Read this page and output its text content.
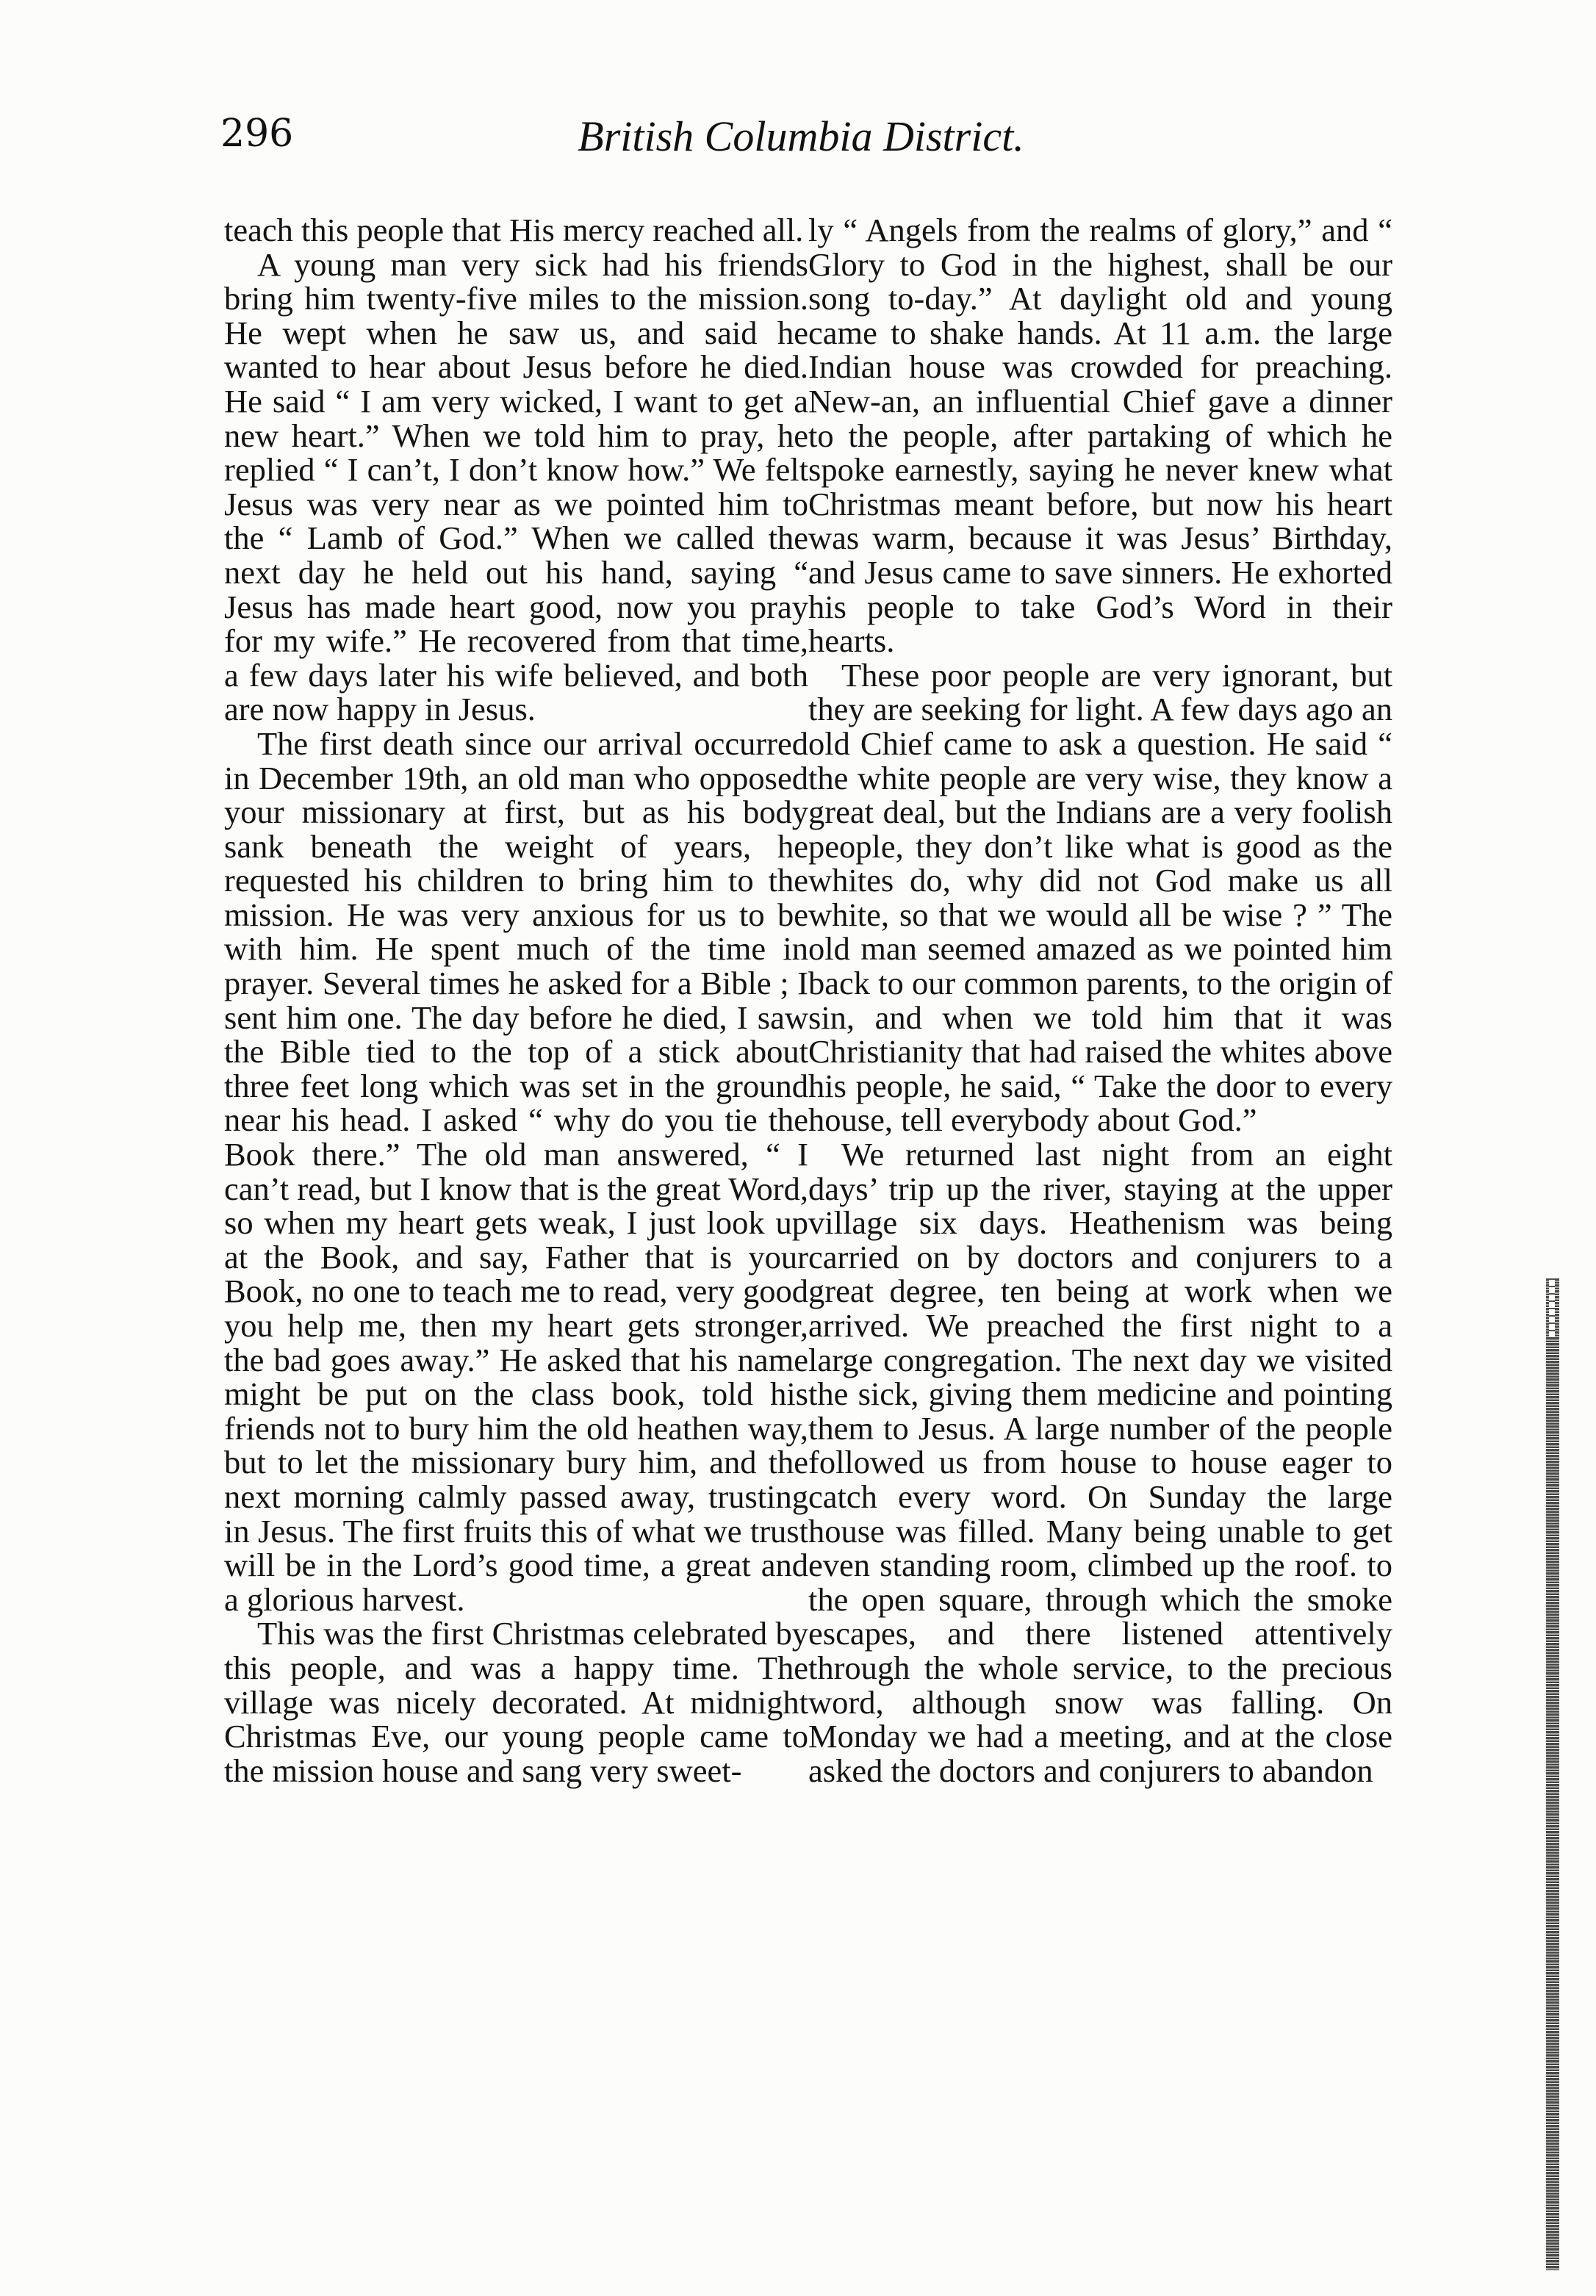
296	British Columbia District.

teach this people that His mercy reached all.

A young man very sick had his friends bring him twenty-five miles to the mission. He wept when he saw us, and said he wanted to hear about Jesus before he died. He said “ I am very wicked, I want to get a new heart.” When we told him to pray, he replied “ I can’t, I don’t know how.” We felt Jesus was very near as we pointed him to the “ Lamb of God.” When we called the next day he held out his hand, saying “ Jesus has made heart good, now you pray for my wife.” He recovered from that time, a few days later his wife believed, and both are now happy in Jesus.

The first death since our arrival occurred in December 19th, an old man who opposed your missionary at first, but as his body sank beneath the weight of years, he requested his children to bring him to the mission. He was very anxious for us to be with him. He spent much of the time in prayer. Several times he asked for a Bible ; I sent him one. The day before he died, I saw the Bible tied to the top of a stick about three feet long which was set in the ground near his head. I asked “ why do you tie the Book there.” The old man answered, “ I can’t read, but I know that is the great Word, so when my heart gets weak, I just look up at the Book, and say, Father that is your Book, no one to teach me to read, very good you help me, then my heart gets stronger, the bad goes away.” He asked that his name might be put on the class book, told his friends not to bury him the old heathen way, but to let the missionary bury him, and the next morning calmly passed away, trusting in Jesus. The first fruits this of what we trust will be in the Lord’s good time, a great and a glorious harvest.

This was the first Christmas celebrated by this people, and was a happy time. The village was nicely decorated. At midnight Christmas Eve, our young people came to the mission house and sang very sweet-

ly “ Angels from the realms of glory,” and “ Glory to God in the highest, shall be our song to-day.” At daylight old and young came to shake hands. At 11 a.m. the large Indian house was crowded for preaching. New-an, an influential Chief gave a dinner to the people, after partaking of which he spoke earnestly, saying he never knew what Christmas meant before, but now his heart was warm, because it was Jesus’ Birthday, and Jesus came to save sinners. He exhorted his people to take God’s Word in their hearts.

These poor people are very ignorant, but they are seeking for light. A few days ago an old Chief came to ask a question. He said “ the white people are very wise, they know a great deal, but the Indians are a very foolish people, they don’t like what is good as the whites do, why did not God make us all white, so that we would all be wise ? ” The old man seemed amazed as we pointed him back to our common parents, to the origin of sin, and when we told him that it was Christianity that had raised the whites above his people, he said, “ Take the door to every house, tell everybody about God.”

We returned last night from an eight days’ trip up the river, staying at the upper village six days. Heathenism was being carried on by doctors and conjurers to a great degree, ten being at work when we arrived. We preached the first night to a large congregation. The next day we visited the sick, giving them medicine and pointing them to Jesus. A large number of the people followed us from house to house eager to catch every word. On Sunday the large house was filled. Many being unable to get even standing room, climbed up the roof. to the open square, through which the smoke escapes, and there listened attentively through the whole service, to the precious word, although snow was falling. On Monday we had a meeting, and at the close asked the doctors and conjurers to abandon
